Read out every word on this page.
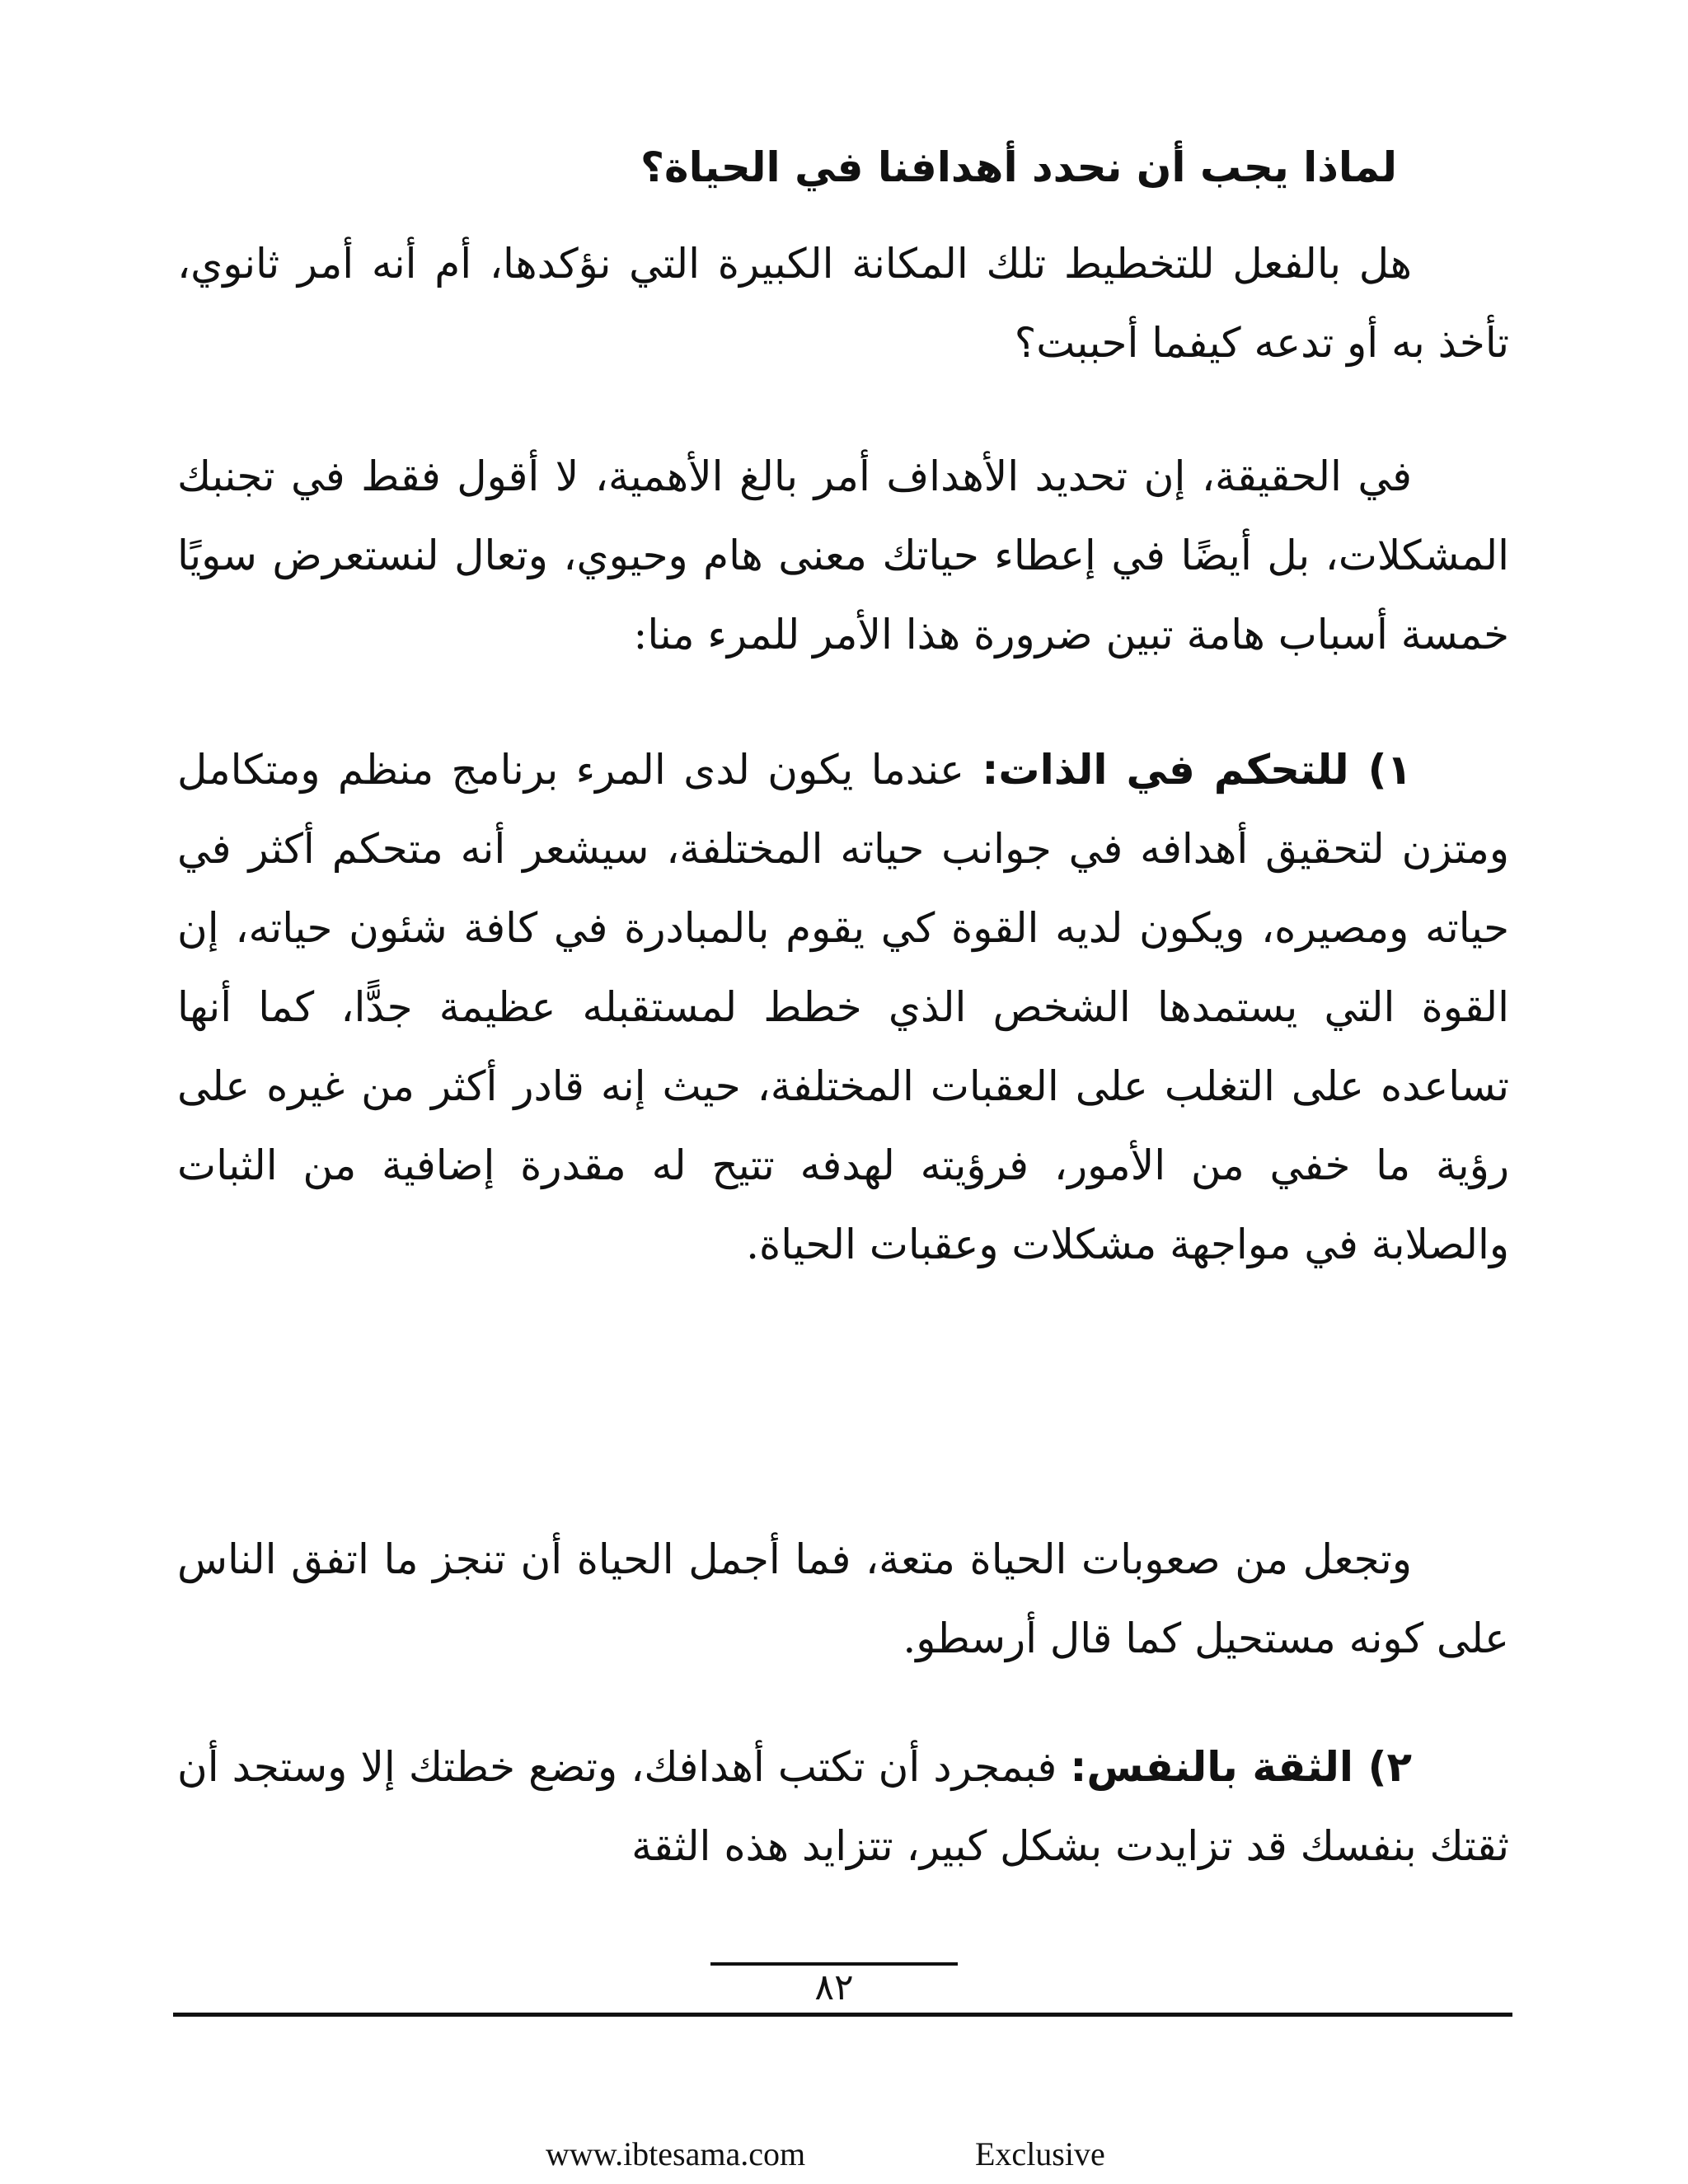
لماذا يجب أن نحدد أهدافنا في الحياة؟

هل بالفعل للتخطيط تلك المكانة الكبيرة التي نؤكدها، أم أنه أمر ثانوي، تأخذ به أو تدعه كيفما أحببت؟

في الحقيقة، إن تحديد الأهداف أمر بالغ الأهمية، لا أقول فقط في تجنبك المشكلات، بل أيضًا في إعطاء حياتك معنى هام وحيوي، وتعال لنستعرض سويًا خمسة أسباب هامة تبين ضرورة هذا الأمر للمرء منا:

١) للتحكم في الذات: عندما يكون لدى المرء برنامج منظم ومتكامل ومتزن لتحقيق أهدافه في جوانب حياته المختلفة، سيشعر أنه متحكم أكثر في حياته ومصيره، ويكون لديه القوة كي يقوم بالمبادرة في كافة شئون حياته، إن القوة التي يستمدها الشخص الذي خطط لمستقبله عظيمة جدًّا، كما أنها تساعده على التغلب على العقبات المختلفة، حيث إنه قادر أكثر من غيره على رؤية ما خفي من الأمور، فرؤيته لهدفه تتيح له مقدرة إضافية من الثبات والصلابة في مواجهة مشكلات وعقبات الحياة.

وتجعل من صعوبات الحياة متعة، فما أجمل الحياة أن تنجز ما اتفق الناس على كونه مستحيل كما قال أرسطو.

٢) الثقة بالنفس: فبمجرد أن تكتب أهدافك، وتضع خطتك إلا وستجد أن ثقتك بنفسك قد تزايدت بشكل كبير، تتزايد هذه الثقة

٨٢
www.ibtesama.com	Exclusive
